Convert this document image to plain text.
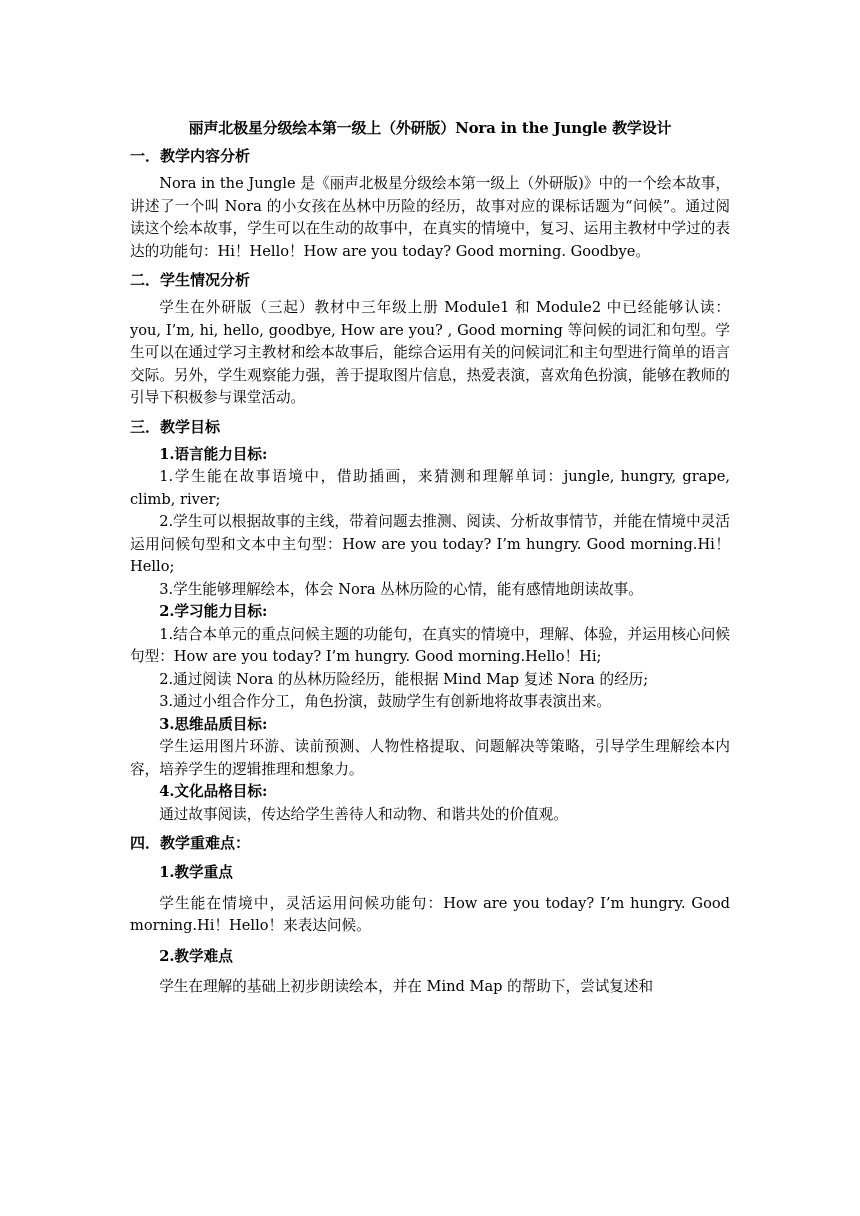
丽声北极星分级绘本第一级上（外研版）Nora in the Jungle 教学设计
一．教学内容分析

Nora in the Jungle 是《丽声北极星分级绘本第一级上（外研版)》中的一个绘本故事，讲述了一个叫 Nora 的小女孩在丛林中历险的经历，故事对应的课标话题为“问候”。通过阅读这个绘本故事，学生可以在生动的故事中，在真实的情境中，复习、运用主教材中学过的表达的功能句：Hi！Hello！How are you today? Good morning. Goodbye。

二．学生情况分析

学生在外研版（三起）教材中三年级上册 Module1 和 Module2 中已经能够认读：you, I’m, hi, hello, goodbye, How are you? , Good morning 等问候的词汇和句型。学生可以在通过学习主教材和绘本故事后，能综合运用有关的问候词汇和主句型进行简单的语言交际。另外，学生观察能力强，善于提取图片信息，热爱表演，喜欢角色扮演，能够在教师的引导下积极参与课堂活动。

三．教学目标
1.语言能力目标:

1.学生能在故事语境中，借助插画，来猜测和理解单词：jungle, hungry, grape, climb, river;

2.学生可以根据故事的主线，带着问题去推测、阅读、分析故事情节，并能在情境中灵活运用问候句型和文本中主句型：How are you today? I’m hungry. Good morning.Hi！Hello;

3.学生能够理解绘本，体会 Nora 丛林历险的心情，能有感情地朗读故事。

2.学习能力目标:

1.结合本单元的重点问候主题的功能句，在真实的情境中，理解、体验，并运用核心问候句型：How are you today? I’m hungry. Good morning.Hello！Hi;

2.通过阅读 Nora 的丛林历险经历，能根据 Mind Map 复述 Nora 的经历;

3.通过小组合作分工，角色扮演，鼓励学生有创新地将故事表演出来。

3.思维品质目标:

学生运用图片环游、读前预测、人物性格提取、问题解决等策略，引导学生理解绘本内容，培养学生的逻辑推理和想象力。

4.文化品格目标:

通过故事阅读，传达给学生善待人和动物、和谐共处的价值观。

四．教学重难点：
1.教学重点

学生能在情境中，灵活运用问候功能句：How are you today? I’m hungry. Good morning.Hi！Hello！来表达问候。

2.教学难点

学生在理解的基础上初步朗读绘本，并在 Mind Map 的帮助下，尝试复述和
